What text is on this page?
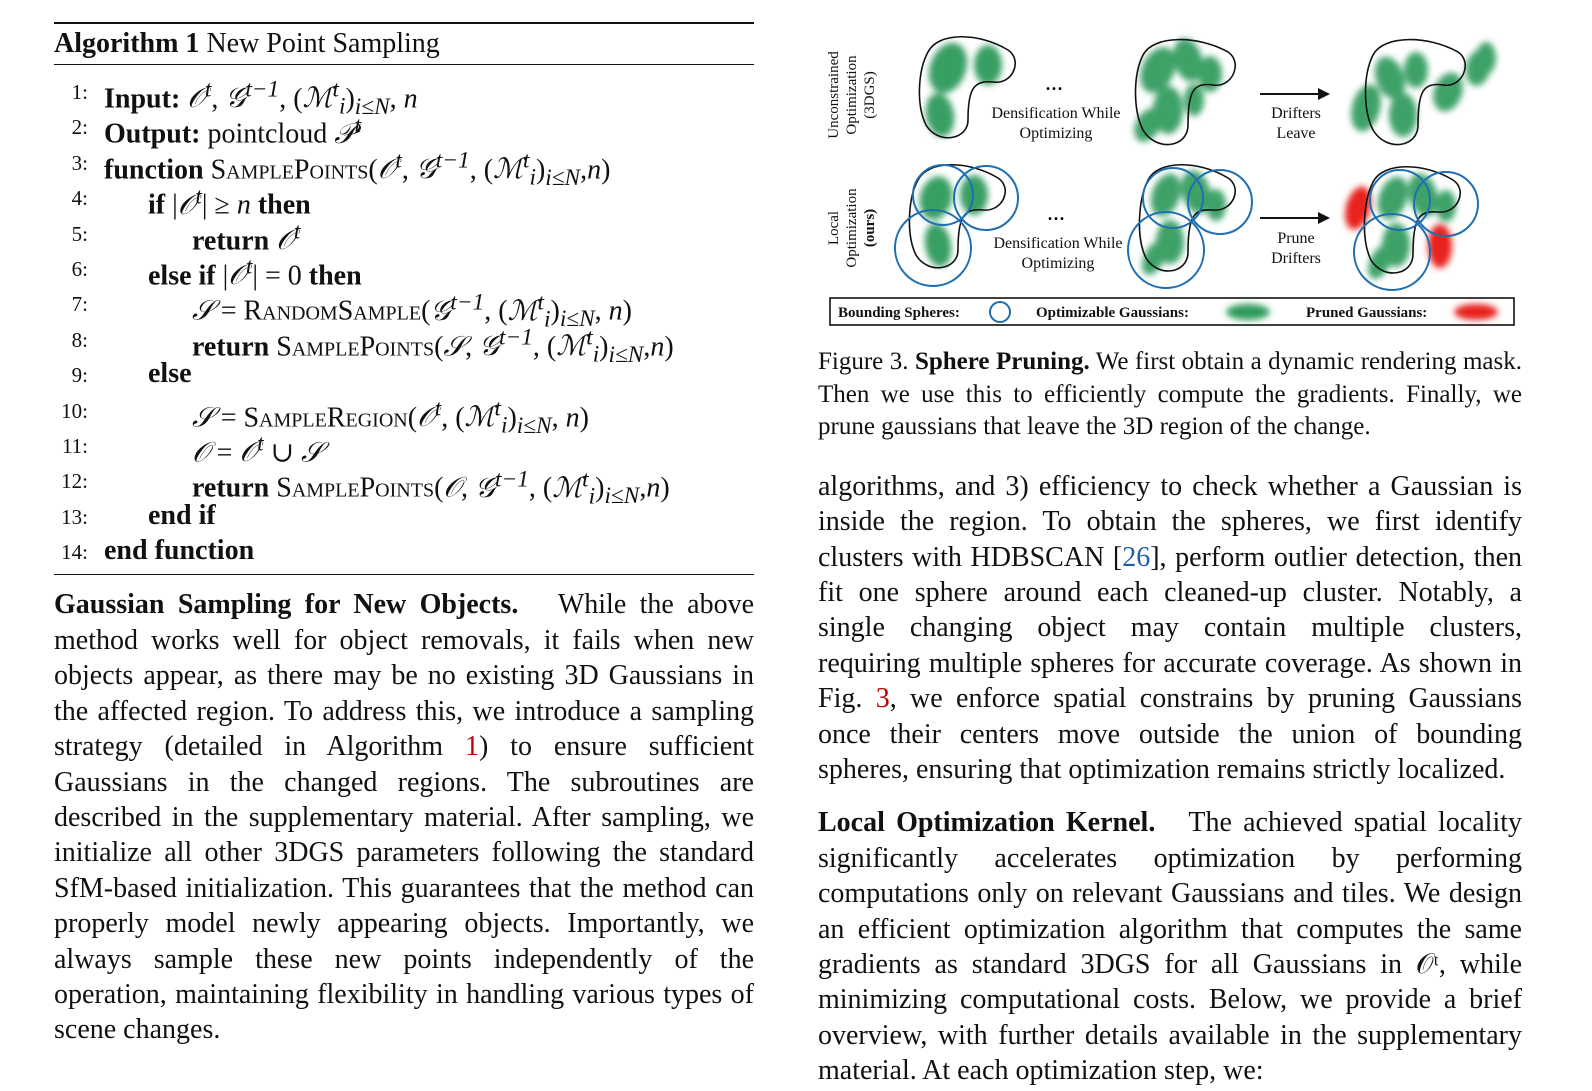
Algorithm 1 New Point Sampling
1: Input: 𝒪$^t$, 𝒢$^{t-1}$, $(ℳ^t_i)_{i\le N}$, n
2: Output: pointcloud 𝒫$^t$
3: function SamplePoints(𝒪$^t$, 𝒢$^{t-1}$, $(ℳ^t_i)_{i\le N},n$)
4: if |𝒪$^t$| ≥ n then
5:	return 𝒪$^t$
6: else if |𝒪$^t$| = 0 then
7:	𝒮 = RandomSample(𝒢$^{t-1}$, $(ℳ^t_i)_{i\le N}$, n)
8:	return SamplePoints(𝒮, 𝒢$^{t-1}$, $(ℳ^t_i)_{i\le N},n$)
9: else
10:	𝒮 = SampleRegion(𝒪$^t$, $(ℳ^t_i)_{i\le N}$, n)
11:	𝒪 = 𝒪$^t$ ∪ 𝒮
12:	return SamplePoints(𝒪, 𝒢$^{t-1}$, $(ℳ^t_i)_{i\le N},n$)
13: end if
14: end function

Gaussian Sampling for New Objects. While the above method works well for object removals, it fails when new objects appear, as there may be no existing 3D Gaussians in the affected region. To address this, we introduce a sampling strategy (detailed in Algorithm 1) to ensure sufficient Gaussians in the changed regions. The subroutines are described in the supplementary material. After sampling, we initialize all other 3DGS parameters following the standard SfM-based initialization. This guarantees that the method can properly model newly appearing objects. Importantly, we always sample these new points independently of the operation, maintaining flexibility in handling various types of scene changes.

Unconstrained Optimization (3DGS)
Local Optimization (ours)
...
Densification While
Optimizing
Drifters
Leave
...
Densification While
Optimizing
Prune
Drifters
Bounding Spheres:	Optimizable Gaussians:	Pruned Gaussians:

Figure 3. Sphere Pruning. We first obtain a dynamic rendering mask. Then we use this to efficiently compute the gradients. Finally, we prune gaussians that leave the 3D region of the change.

algorithms, and 3) efficiency to check whether a Gaussian is inside the region. To obtain the spheres, we first identify clusters with HDBSCAN [26], perform outlier detection, then fit one sphere around each cleaned-up cluster. Notably, a single changing object may contain multiple clusters, requiring multiple spheres for accurate coverage. As shown in Fig. 3, we enforce spatial constrains by pruning Gaussians once their centers move outside the union of bounding spheres, ensuring that optimization remains strictly localized.

Local Optimization Kernel. The achieved spatial locality significantly accelerates optimization by performing computations only on relevant Gaussians and tiles. We design an efficient optimization algorithm that computes the same gradients as standard 3DGS for all Gaussians in 𝒪ᵗ, while minimizing computational costs. Below, we provide a brief overview, with further details available in the supplementary material. At each optimization step, we:
